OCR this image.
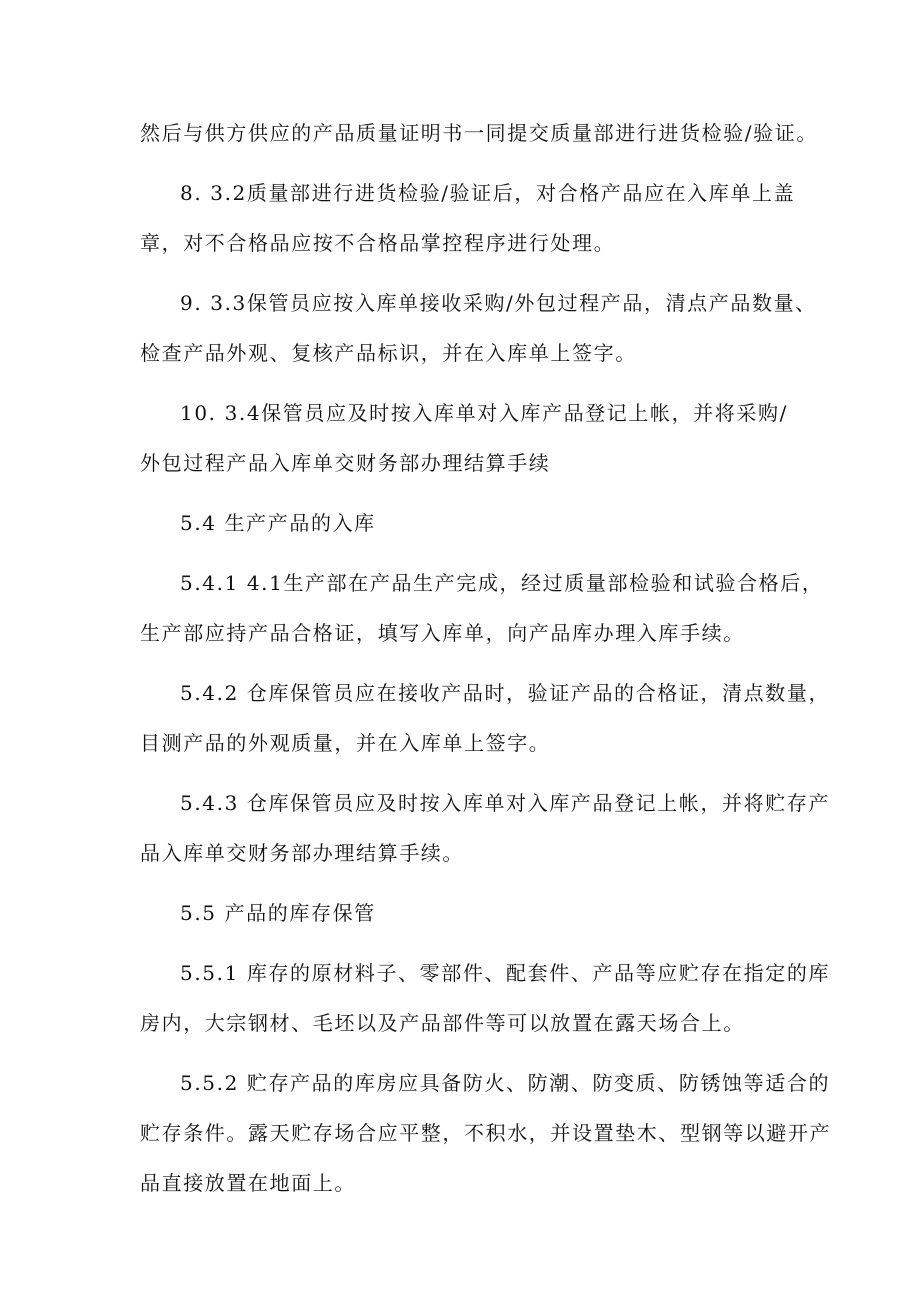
然后与供方供应的产品质量证明书一同提交质量部进行进货检验/验证。
8. 3.2质量部进行进货检验/验证后，对合格产品应在入库单上盖
章，对不合格品应按不合格品掌控程序进行处理。
9. 3.3保管员应按入库单接收采购/外包过程产品，清点产品数量、
检查产品外观、复核产品标识，并在入库单上签字。
10. 3.4保管员应及时按入库单对入库产品登记上帐，并将采购/
外包过程产品入库单交财务部办理结算手续
5.4 生产产品的入库
5.4.1 4.1生产部在产品生产完成，经过质量部检验和试验合格后，
生产部应持产品合格证，填写入库单，向产品库办理入库手续。
5.4.2 仓库保管员应在接收产品时，验证产品的合格证，清点数量，
目测产品的外观质量，并在入库单上签字。
5.4.3 仓库保管员应及时按入库单对入库产品登记上帐，并将贮存产
品入库单交财务部办理结算手续。
5.5 产品的库存保管
5.5.1 库存的原材料子、零部件、配套件、产品等应贮存在指定的库
房内，大宗钢材、毛坯以及产品部件等可以放置在露天场合上。
5.5.2 贮存产品的库房应具备防火、防潮、防变质、防锈蚀等适合的
贮存条件。露天贮存场合应平整，不积水，并设置垫木、型钢等以避开产
品直接放置在地面上。
